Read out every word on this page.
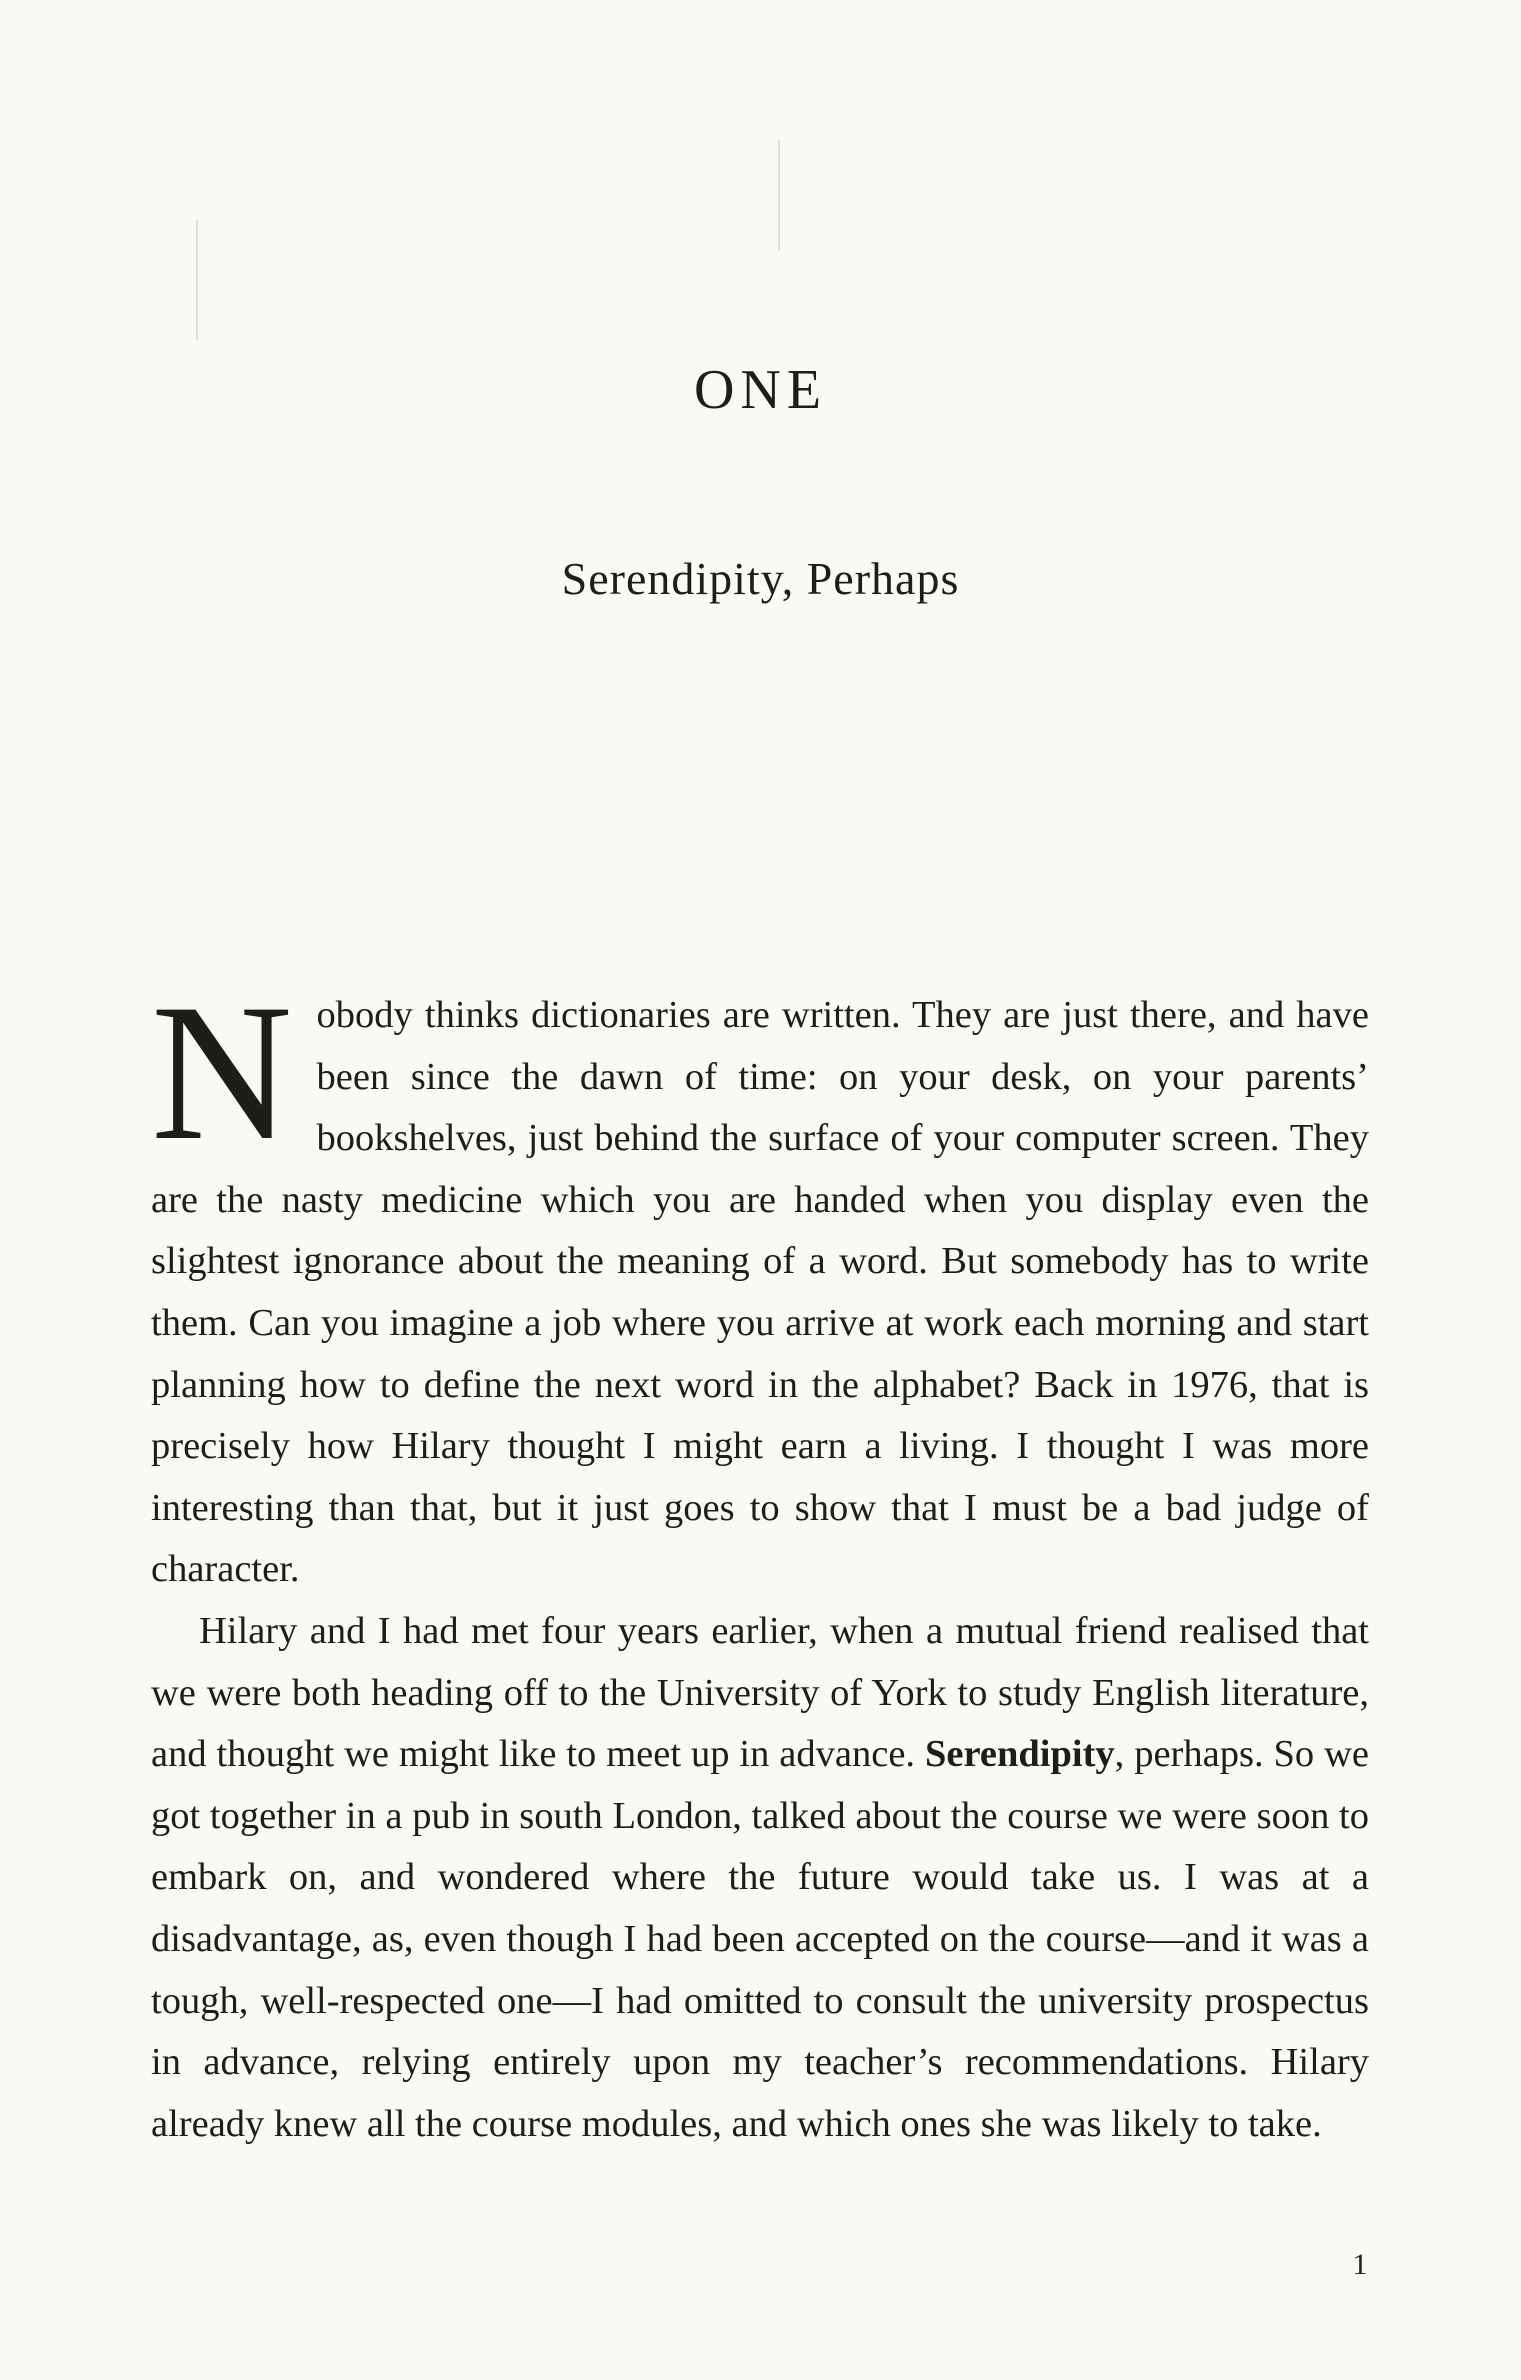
ONE
Serendipity, Perhaps

Nobody thinks dictionaries are written. They are just there, and have been since the dawn of time: on your desk, on your parents’ bookshelves, just behind the surface of your computer screen. They are the nasty medicine which you are handed when you display even the slightest ignorance about the meaning of a word. But somebody has to write them. Can you imagine a job where you arrive at work each morning and start planning how to define the next word in the alphabet? Back in 1976, that is precisely how Hilary thought I might earn a living. I thought I was more interesting than that, but it just goes to show that I must be a bad judge of character.

Hilary and I had met four years earlier, when a mutual friend realised that we were both heading off to the University of York to study English literature, and thought we might like to meet up in advance. Serendipity, perhaps. So we got together in a pub in south London, talked about the course we were soon to embark on, and wondered where the future would take us. I was at a disadvantage, as, even though I had been accepted on the course—and it was a tough, well-respected one—I had omitted to consult the university prospectus in advance, relying entirely upon my teacher’s recommendations. Hilary already knew all the course modules, and which ones she was likely to take.

1
